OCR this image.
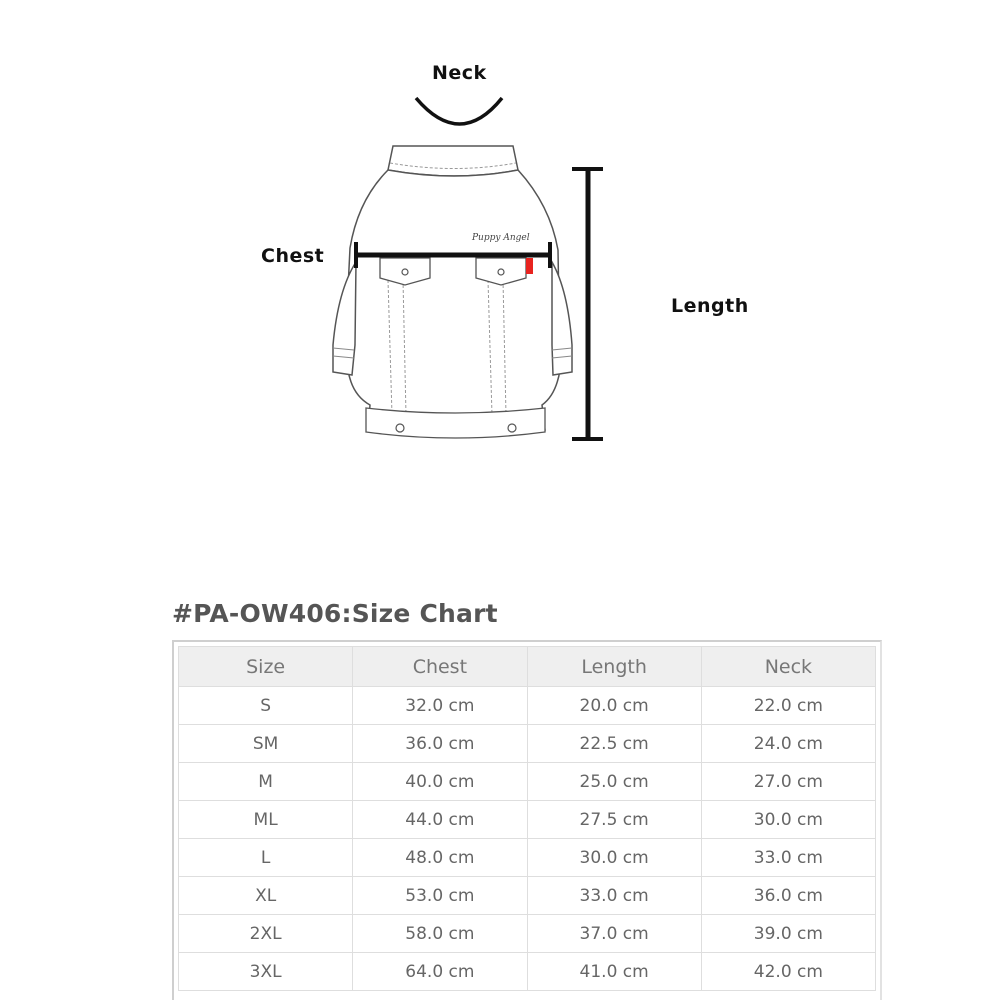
Puppy Angel
Neck
Chest
Length
#PA-OW406:Size Chart
Size	Chest	Length	Neck
S	32.0 cm	20.0 cm	22.0 cm
SM	36.0 cm	22.5 cm	24.0 cm
M	40.0 cm	25.0 cm	27.0 cm
ML	44.0 cm	27.5 cm	30.0 cm
L	48.0 cm	30.0 cm	33.0 cm
XL	53.0 cm	33.0 cm	36.0 cm
2XL	58.0 cm	37.0 cm	39.0 cm
3XL	64.0 cm	41.0 cm	42.0 cm
